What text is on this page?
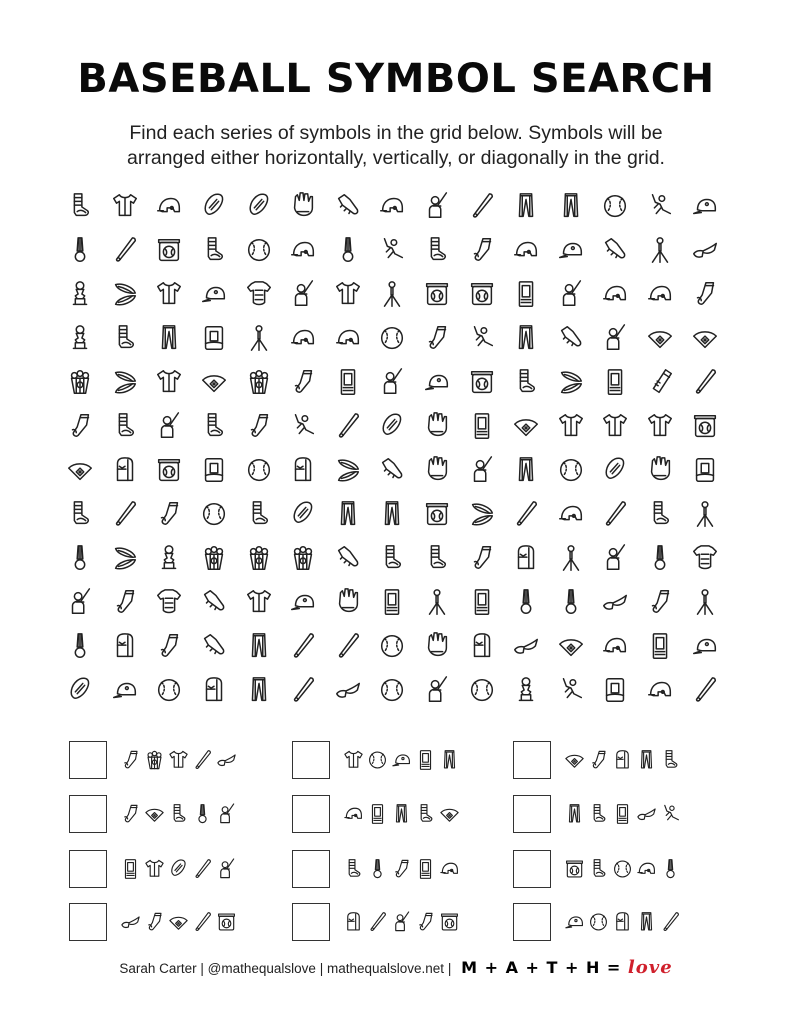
BASEBALL SYMBOL SEARCH
Find each series of symbols in the grid below. Symbols will be
arranged either horizontally, vertically, or diagonally in the grid.
Sarah Carter | @mathequalslove | mathequalslove.net | M + A + T + H = love
